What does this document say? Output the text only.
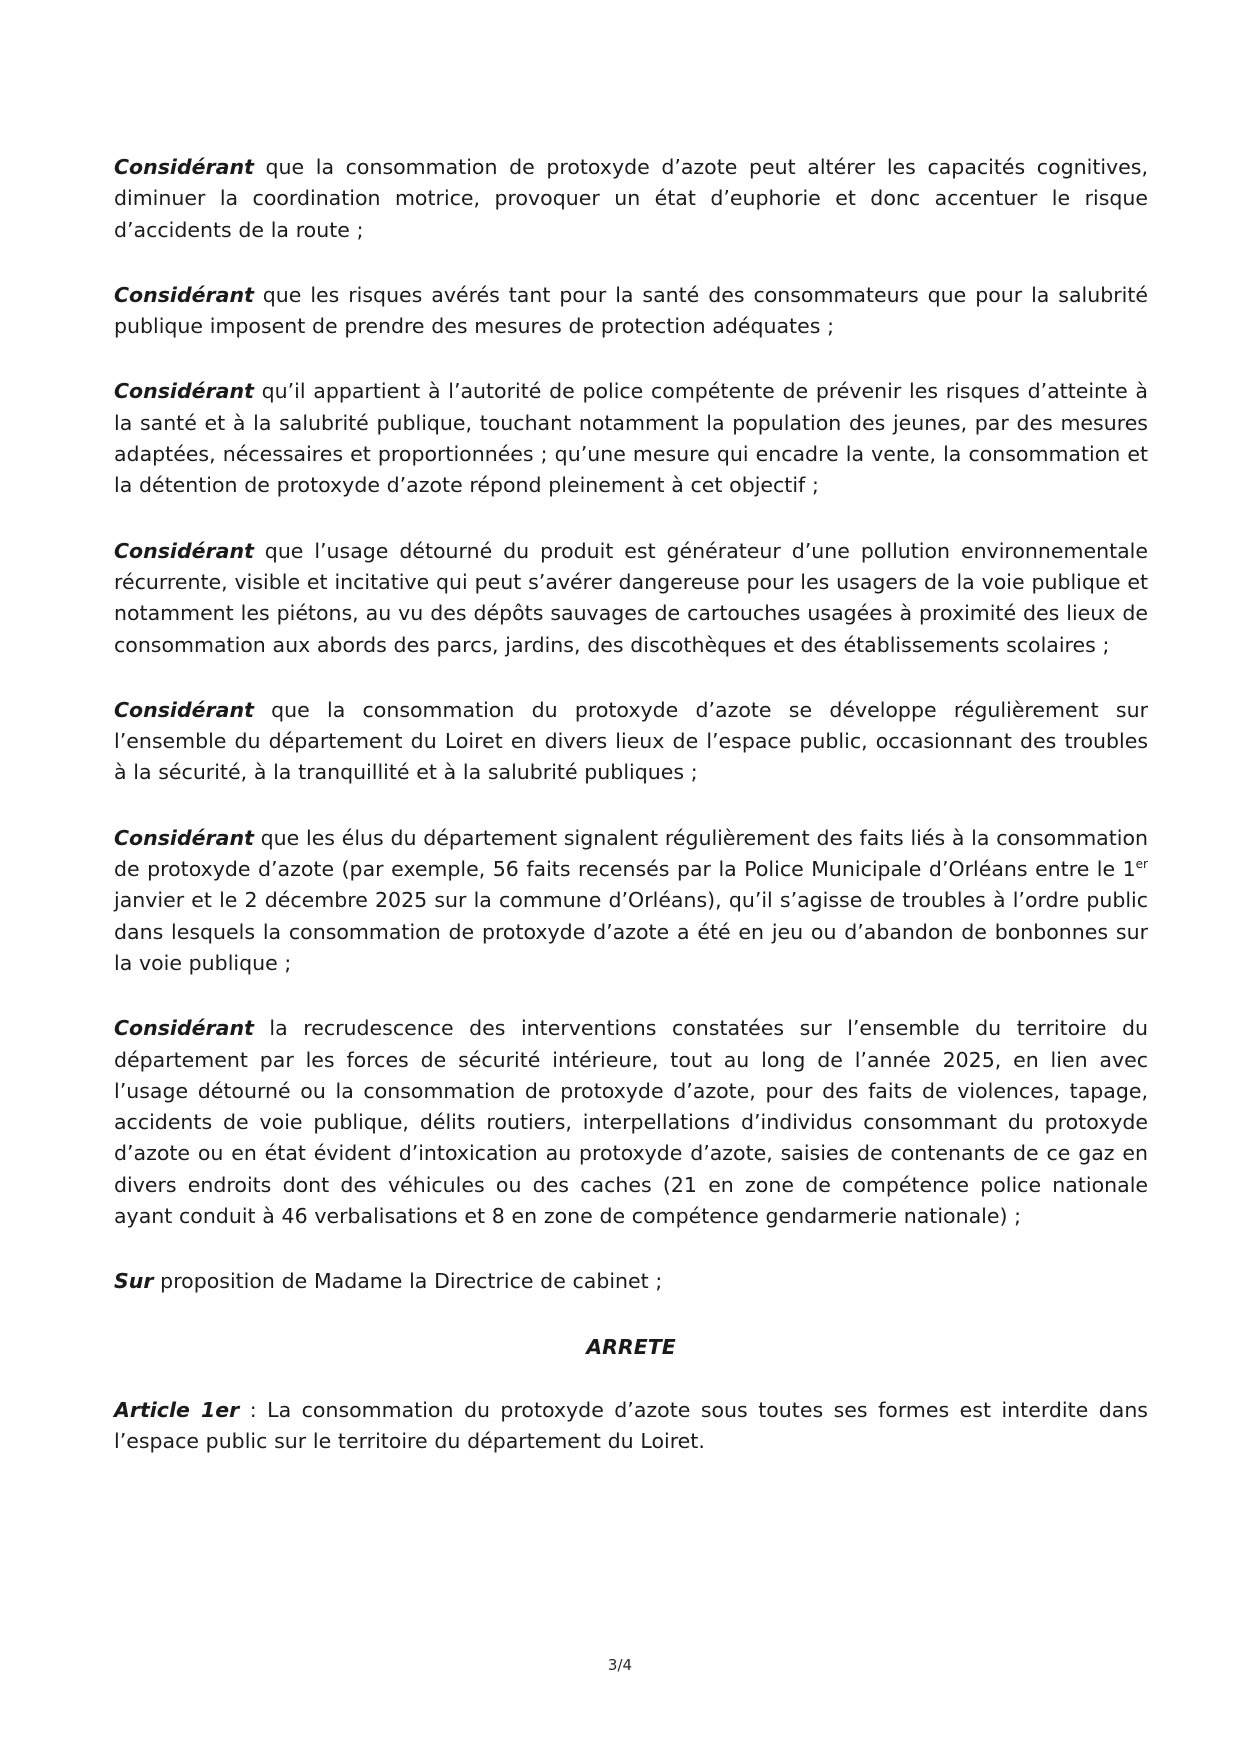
Considérant que la consommation de protoxyde d’azote peut altérer les capacités cognitives, diminuer la coordination motrice, provoquer un état d’euphorie et donc accentuer le risque d’accidents de la route ;

Considérant que les risques avérés tant pour la santé des consommateurs que pour la salubrité publique imposent de prendre des mesures de protection adéquates ;

Considérant qu’il appartient à l’autorité de police compétente de prévenir les risques d’atteinte à la santé et à la salubrité publique, touchant notamment la population des jeunes, par des mesures adaptées, nécessaires et proportionnées ; qu’une mesure qui encadre la vente, la consommation et la détention de protoxyde d’azote répond pleinement à cet objectif ;

Considérant que l’usage détourné du produit est générateur d’une pollution environnementale récurrente, visible et incitative qui peut s’avérer dangereuse pour les usagers de la voie publique et notamment les piétons, au vu des dépôts sauvages de cartouches usagées à proximité des lieux de consommation aux abords des parcs, jardins, des discothèques et des établissements scolaires ;

Considérant que la consommation du protoxyde d’azote se développe régulièrement sur l’ensemble du département du Loiret en divers lieux de l’espace public, occasionnant des troubles à la sécurité, à la tranquillité et à la salubrité publiques ;

Considérant que les élus du département signalent régulièrement des faits liés à la consommation de protoxyde d’azote (par exemple, 56 faits recensés par la Police Municipale d’Orléans entre le 1er janvier et le 2 décembre 2025 sur la commune d’Orléans), qu’il s’agisse de troubles à l’ordre public dans lesquels la consommation de protoxyde d’azote a été en jeu ou d’abandon de bonbonnes sur la voie publique ;

Considérant la recrudescence des interventions constatées sur l’ensemble du territoire du département par les forces de sécurité intérieure, tout au long de l’année 2025, en lien avec l’usage détourné ou la consommation de protoxyde d’azote, pour des faits de violences, tapage, accidents de voie publique, délits routiers, interpellations d’individus consommant du protoxyde d’azote ou en état évident d’intoxication au protoxyde d’azote, saisies de contenants de ce gaz en divers endroits dont des véhicules ou des caches (21 en zone de compétence police nationale ayant conduit à 46 verbalisations et 8 en zone de compétence gendarmerie nationale) ;

Sur proposition de Madame la Directrice de cabinet ;

ARRETE

Article 1er : La consommation du protoxyde d’azote sous toutes ses formes est interdite dans l’espace public sur le territoire du département du Loiret.

3/4
